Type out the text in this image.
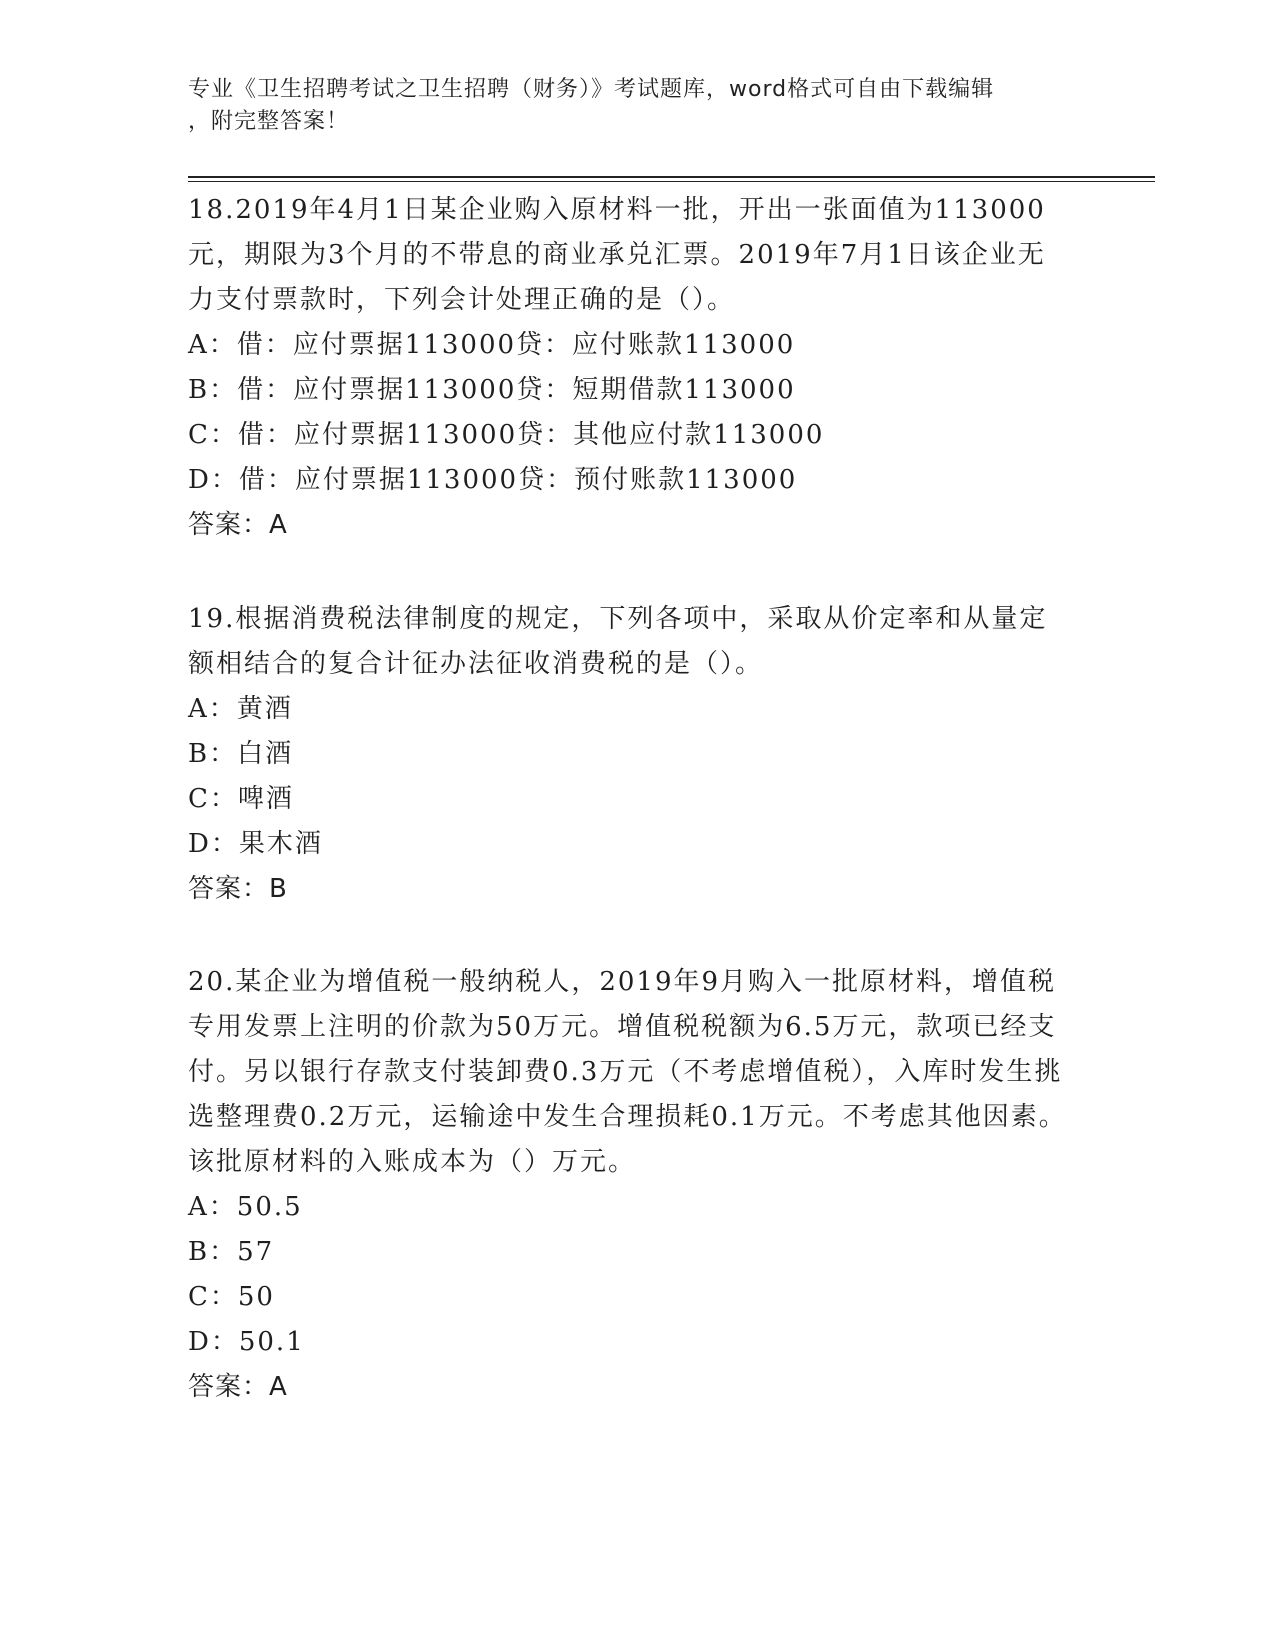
专业《卫生招聘考试之卫生招聘（财务）》考试题库，word格式可自由下载编辑
，附完整答案！

18.2019年4月1日某企业购入原材料一批，开出一张面值为113000元，期限为3个月的不带息的商业承兑汇票。2019年7月1日该企业无力支付票款时，下列会计处理正确的是（）。

A：借：应付票据113000贷：应付账款113000

B：借：应付票据113000贷：短期借款113000

C：借：应付票据113000贷：其他应付款113000

D：借：应付票据113000贷：预付账款113000

答案：A

19.根据消费税法律制度的规定，下列各项中，采取从价定率和从量定额相结合的复合计征办法征收消费税的是（）。

A：黄酒

B：白酒

C：啤酒

D：果木酒

答案：B

20.某企业为增值税一般纳税人，2019年9月购入一批原材料，增值税专用发票上注明的价款为50万元。增值税税额为6.5万元，款项已经支付。另以银行存款支付装卸费0.3万元（不考虑增值税），入库时发生挑选整理费0.2万元，运输途中发生合理损耗0.1万元。不考虑其他因素。该批原材料的入账成本为（）万元。

A：50.5

B：57

C：50

D：50.1

答案：A
